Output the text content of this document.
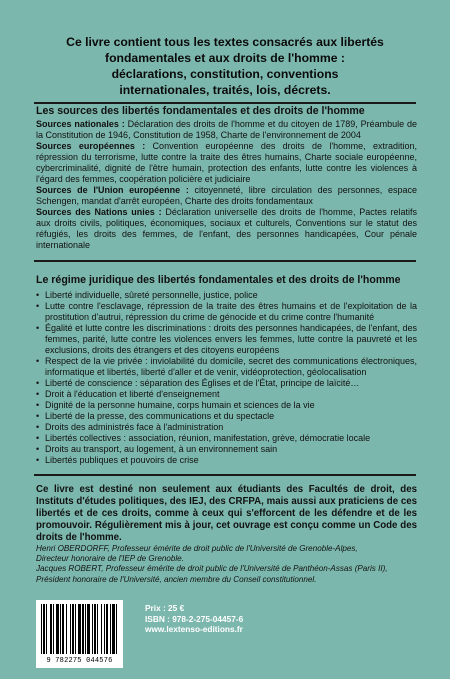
Ce livre contient tous les textes consacrés aux libertés
fondamentales et aux droits de l'homme :
déclarations, constitution, conventions
internationales, traités, lois, décrets.
Les sources des libertés fondamentales et des droits de l'homme

Sources nationales : Déclaration des droits de l'homme et du citoyen de 1789, Préambule de la Constitution de 1946, Constitution de 1958, Charte de l'environnement de 2004

Sources européennes : Convention européenne des droits de l'homme, extradition, répression du terrorisme, lutte contre la traite des êtres humains, Charte sociale européenne, cybercriminalité, dignité de l'être humain, protection des enfants, lutte contre les violences à l'égard des femmes, coopération policière et judiciaire

Sources de l'Union européenne : citoyenneté, libre circulation des personnes, espace Schengen, mandat d'arrêt européen, Charte des droits fondamentaux

Sources des Nations unies : Déclaration universelle des droits de l'homme, Pactes relatifs aux droits civils, politiques, économiques, sociaux et culturels, Conventions sur le statut des réfugiés, les droits des femmes, de l'enfant, des personnes handicapées, Cour pénale internationale

Le régime juridique des libertés fondamentales et des droits de l'homme
• Liberté individuelle, sûreté personnelle, justice, police
• Lutte contre l'esclavage, répression de la traite des êtres humains et de l'exploitation de la prostitution d'autrui, répression du crime de génocide et du crime contre l'humanité
• Égalité et lutte contre les discriminations : droits des personnes handicapées, de l'enfant, des femmes, parité, lutte contre les violences envers les femmes, lutte contre la pauvreté et les exclusions, droits des étrangers et des citoyens européens
• Respect de la vie privée : inviolabilité du domicile, secret des communications électroniques, informatique et libertés, liberté d'aller et de venir, vidéoprotection, géolocalisation
• Liberté de conscience : séparation des Églises et de l'État, principe de laïcité…
• Droit à l'éducation et liberté d'enseignement
• Dignité de la personne humaine, corps humain et sciences de la vie
• Liberté de la presse, des communications et du spectacle
• Droits des administrés face à l'administration
• Libertés collectives : association, réunion, manifestation, grève, démocratie locale
• Droits au transport, au logement, à un environnement sain
• Libertés publiques et pouvoirs de crise
Ce livre est destiné non seulement aux étudiants des Facultés de droit, des Instituts d'études politiques, des IEJ, des CRFPA, mais aussi aux praticiens de ces libertés et de ces droits, comme à ceux qui s'efforcent de les défendre et de les promouvoir. Régulièrement mis à jour, cet ouvrage est conçu comme un Code des droits de l'homme.

Henri OBERDORFF, Professeur émérite de droit public de l'Université de Grenoble-Alpes,

Directeur honoraire de l'IEP de Grenoble.

Jacques ROBERT, Professeur émérite de droit public de l'Université de Panthéon-Assas (Paris II),

Président honoraire de l'Université, ancien membre du Conseil constitutionnel.

9 782275 044576
Prix : 25 €
ISBN : 978-2-275-04457-6
www.lextenso-editions.fr
